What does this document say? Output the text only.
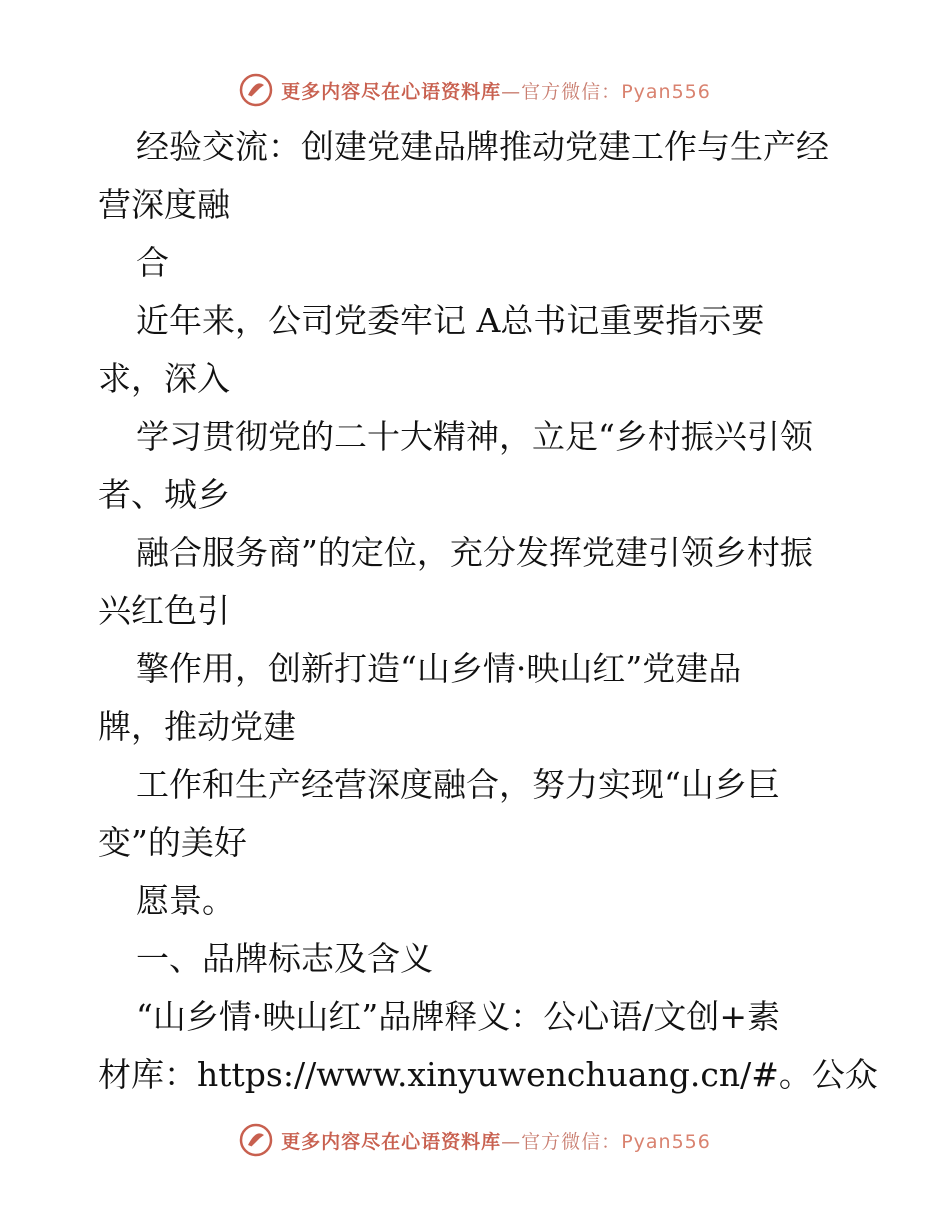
更多内容尽在心语资料库—官方微信：Pyan556
经验交流：创建党建品牌推动党建工作与生产经
营深度融
合
近年来，公司党委牢记 A总书记重要指示要
求，深入
学习贯彻党的二十大精神，立足“乡村振兴引领
者、城乡
融合服务商”的定位，充分发挥党建引领乡村振
兴红色引
擎作用，创新打造“山乡情·映山红”党建品
牌，推动党建
工作和生产经营深度融合，努力实现“山乡巨
变”的美好
愿景。
一、品牌标志及含义
“山乡情·映山红”品牌释义：公心语/文创+素
材库：https://www.xinyuwenchuang.cn/#。公众
更多内容尽在心语资料库—官方微信：Pyan556
